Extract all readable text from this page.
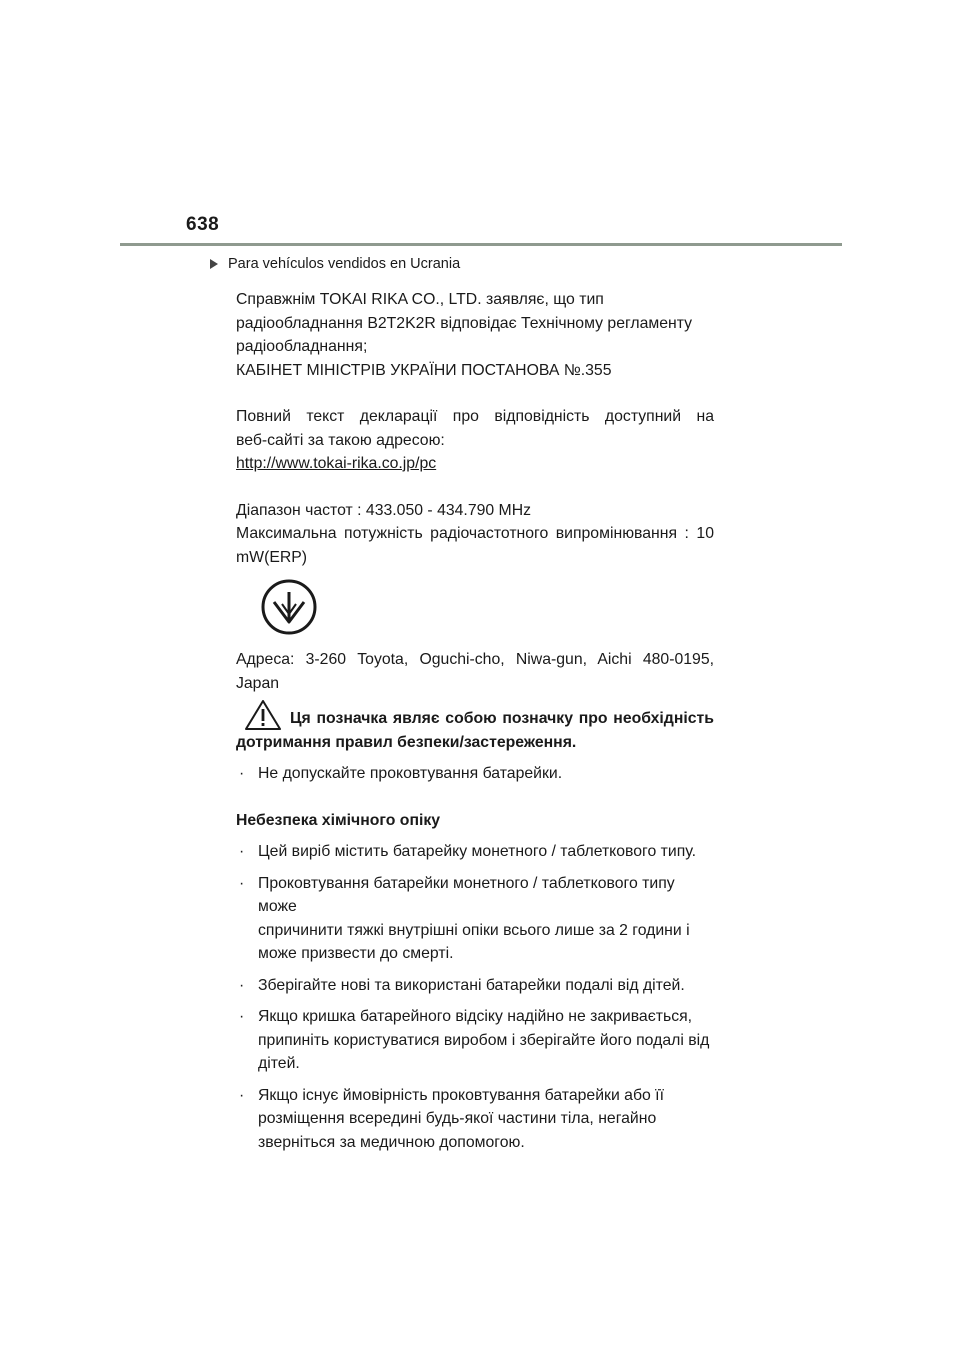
638
Para vehículos vendidos en Ucrania

Справжнім TOKAI RIKA CO., LTD. заявляє, що тип

радіообладнання B2T2K2R відповідає Технічному регламенту

радіообладнання;

КАБІНЕТ МІНІСТРІВ УКРАЇНИ ПОСТАНОВА №.355

Повний текст декларації про відповідність доступний на

веб-сайті за такою адресою:

http://www.tokai-rika.co.jp/pc

Діапазон частот : 433.050 - 434.790 MHz

Максимальна потужність радіочастотного випромінювання : 10

mW(ERP)

Адреса: 3-260 Toyota, Oguchi-cho, Niwa-gun, Aichi 480-0195,

Japan

Ця позначка являє собою позначку про необхідність

дотримання правил безпеки/застереження.

· Не допускайте проковтування батарейки.

Небезпека хімічного опіку

· Цей виріб містить батарейку монетного / таблеткового типу.
· Проковтування батарейки монетного / таблеткового типу може
спричинити тяжкі внутрішні опіки всього лише за 2 години і
може призвести до смерті.
· Зберігайте нові та використані батарейки подалі від дітей.
· Якщо кришка батарейного відсіку надійно не закривається,
припиніть користуватися виробом і зберігайте його подалі від
дітей.
· Якщо існує ймовірність проковтування батарейки або її
розміщення всередині будь-якої частини тіла, негайно
зверніться за медичною допомогою.
